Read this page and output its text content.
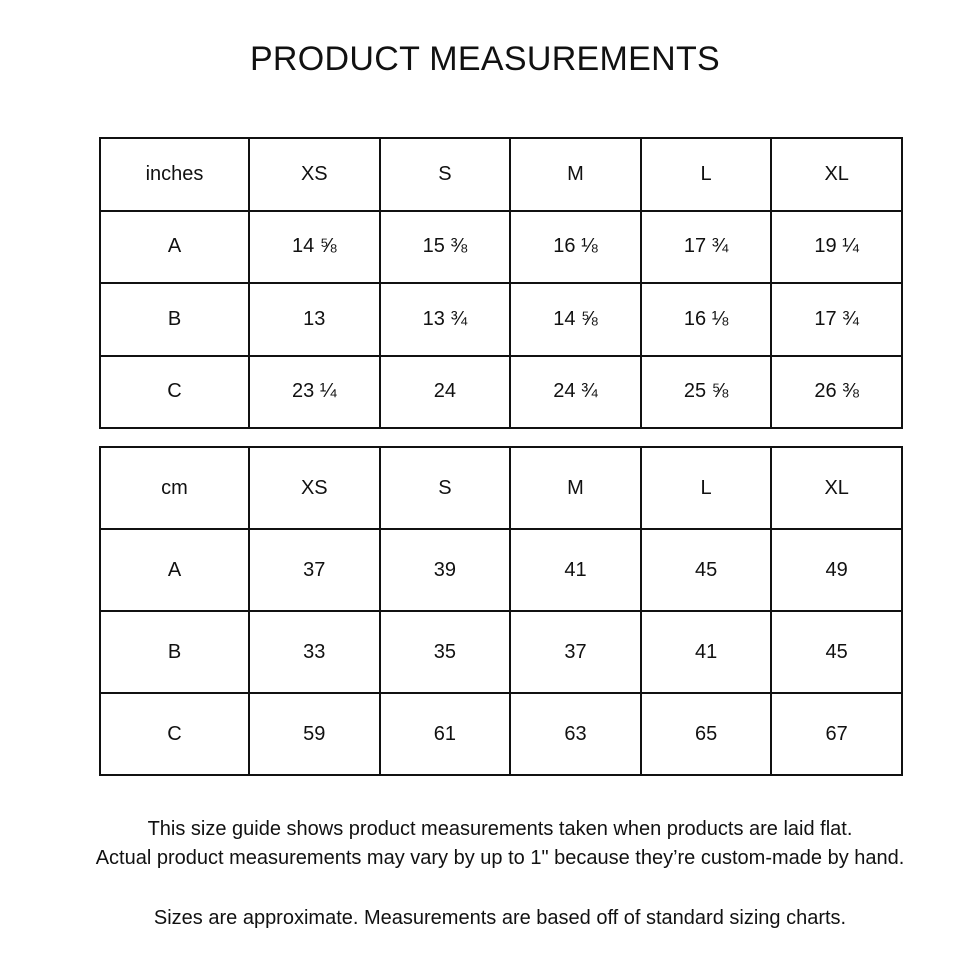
PRODUCT MEASUREMENTS
inches	XS	S	M	L	XL
A	14 ⅝	15 ⅜	16 ⅛	17 ¾	19 ¼
B	13	13 ¾	14 ⅝	16 ⅛	17 ¾
C	23 ¼	24	24 ¾	25 ⅝	26 ⅜
cm	XS	S	M	L	XL
A	37	39	41	45	49
B	33	35	37	41	45
C	59	61	63	65	67

This size guide shows product measurements taken when products are laid flat.

Actual product measurements may vary by up to 1" because they’re custom-made by hand.

Sizes are approximate. Measurements are based off of standard sizing charts.
